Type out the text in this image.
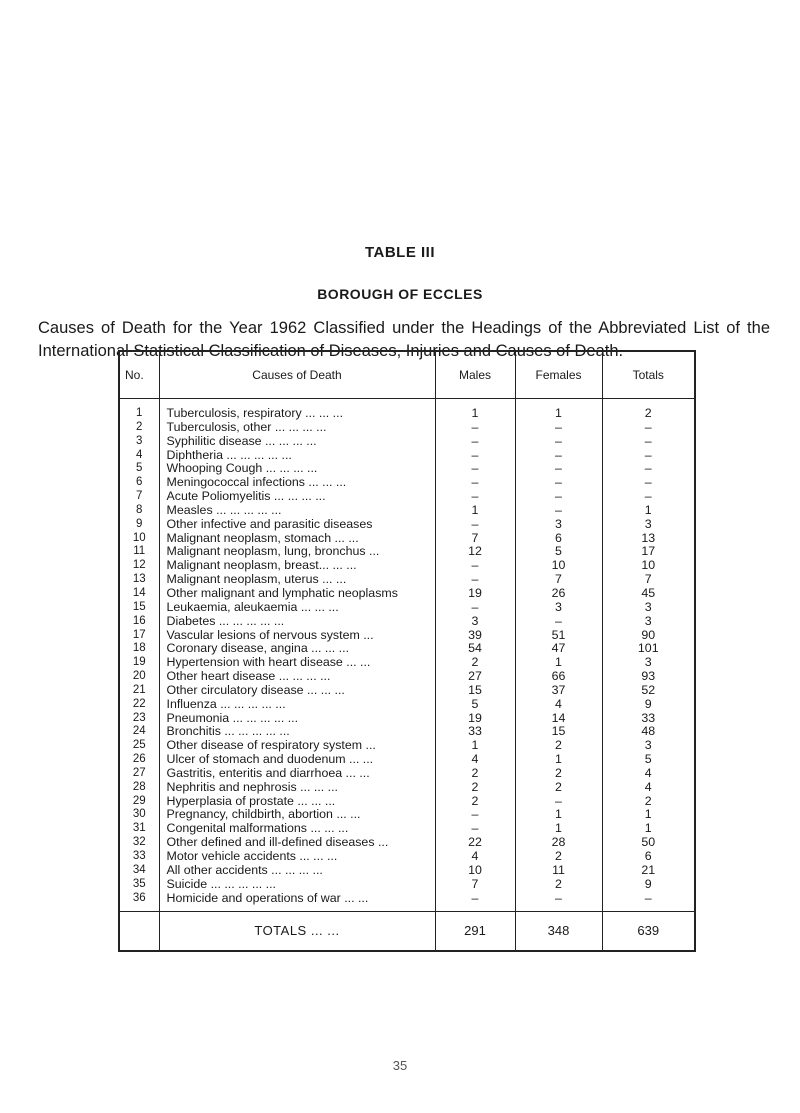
TABLE III
BOROUGH OF ECCLES
Causes of Death for the Year 1962 Classified under the Headings of the Abbreviated List of the International Statistical Classification of Diseases, Injuries and Causes of Death.
No.	Causes of Death	Males	Females	Totals
1	Tuberculosis, respiratory ... ... ...	1	1	2
2	Tuberculosis, other ... ... ... ...	–	–	–
3	Syphilitic disease ... ... ... ...	–	–	–
4	Diphtheria ... ... ... ... ...	–	–	–
5	Whooping Cough ... ... ... ...	–	–	–
6	Meningococcal infections ... ... ...	–	–	–
7	Acute Poliomyelitis ... ... ... ...	–	–	–
8	Measles ... ... ... ... ...	1	–	1
9	Other infective and parasitic diseases	–	3	3
10	Malignant neoplasm, stomach ... ...	7	6	13
11	Malignant neoplasm, lung, bronchus ...	12	5	17
12	Malignant neoplasm, breast... ... ...	–	10	10
13	Malignant neoplasm, uterus ... ...	–	7	7
14	Other malignant and lymphatic neoplasms	19	26	45
15	Leukaemia, aleukaemia ... ... ...	–	3	3
16	Diabetes ... ... ... ... ...	3	–	3
17	Vascular lesions of nervous system ...	39	51	90
18	Coronary disease, angina ... ... ...	54	47	101
19	Hypertension with heart disease ... ...	2	1	3
20	Other heart disease ... ... ... ...	27	66	93
21	Other circulatory disease ... ... ...	15	37	52
22	Influenza ... ... ... ... ...	5	4	9
23	Pneumonia ... ... ... ... ...	19	14	33
24	Bronchitis ... ... ... ... ...	33	15	48
25	Other disease of respiratory system ...	1	2	3
26	Ulcer of stomach and duodenum ... ...	4	1	5
27	Gastritis, enteritis and diarrhoea ... ...	2	2	4
28	Nephritis and nephrosis ... ... ...	2	2	4
29	Hyperplasia of prostate ... ... ...	2	–	2
30	Pregnancy, childbirth, abortion ... ...	–	1	1
31	Congenital malformations ... ... ...	–	1	1
32	Other defined and ill-defined diseases ...	22	28	50
33	Motor vehicle accidents ... ... ...	4	2	6
34	All other accidents ... ... ... ...	10	11	21
35	Suicide ... ... ... ... ...	7	2	9
36	Homicide and operations of war ... ...	–	–	–
	TOTALS ... ...	291	348	639
35
